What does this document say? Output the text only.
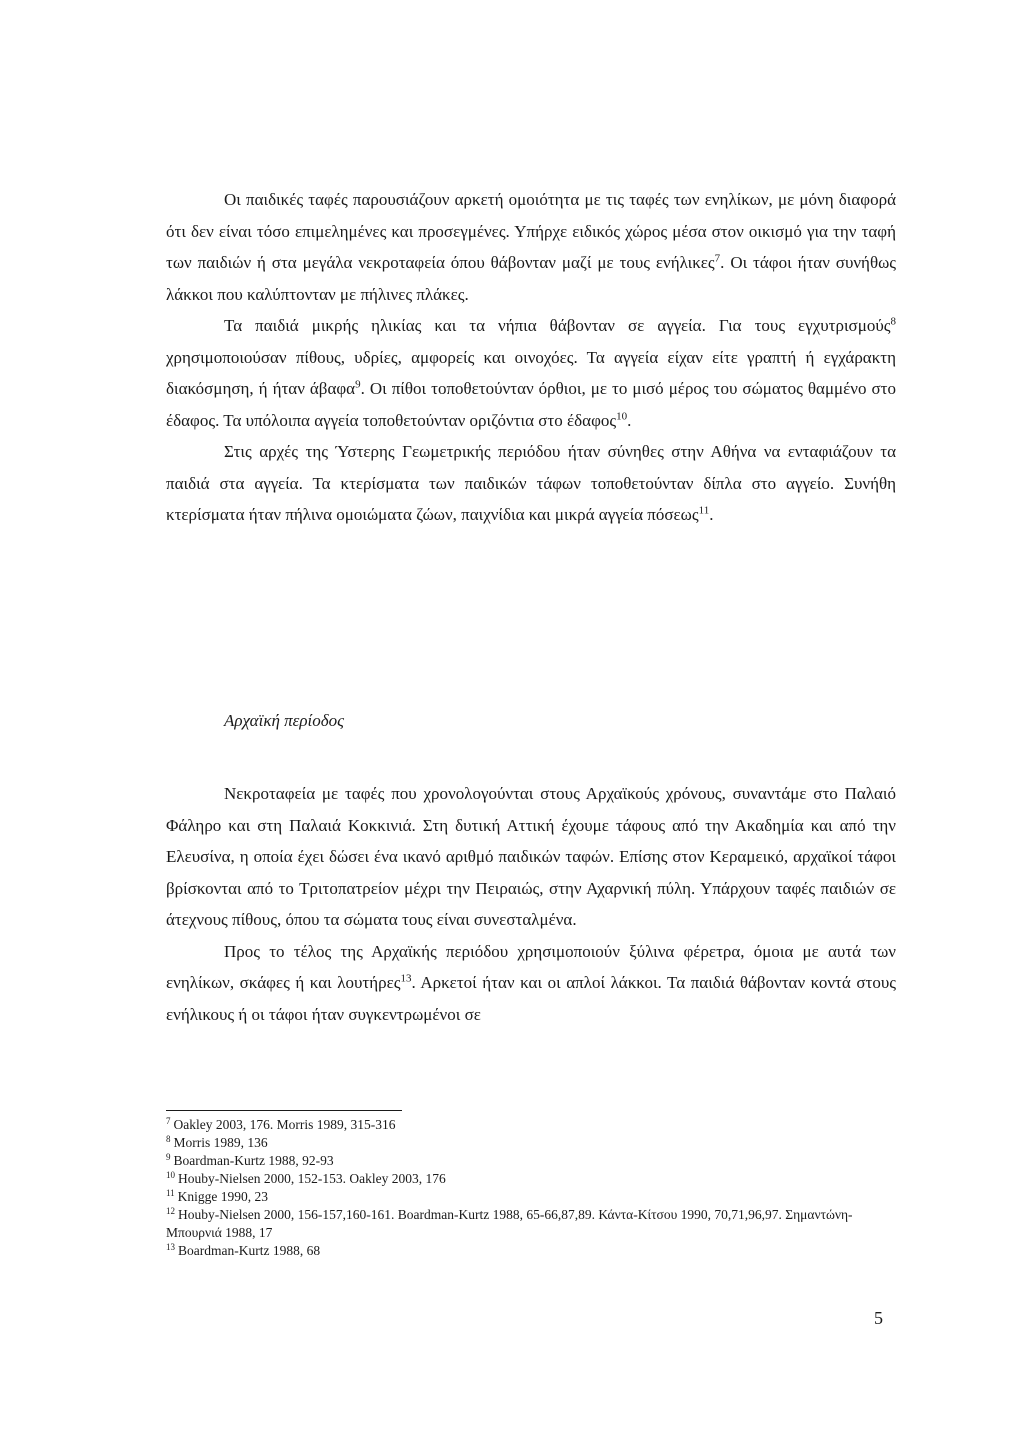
Οι παιδικές ταφές παρουσιάζουν αρκετή ομοιότητα με τις ταφές των ενηλίκων, με μόνη διαφορά ότι δεν είναι τόσο επιμελημένες και προσεγμένες. Υπήρχε ειδικός χώρος μέσα στον οικισμό για την ταφή των παιδιών ή στα μεγάλα νεκροταφεία όπου θάβονταν μαζί με τους ενήλικες$^7$. Οι τάφοι ήταν συνήθως λάκκοι που καλύπτονταν με πήλινες πλάκες.

Τα παιδιά μικρής ηλικίας και τα νήπια θάβονταν σε αγγεία. Για τους εγχυτρισμούς$^8$ χρησιμοποιούσαν πίθους, υδρίες, αμφορείς και οινοχόες. Τα αγγεία είχαν είτε γραπτή ή εγχάρακτη διακόσμηση, ή ήταν άβαφα$^9$. Οι πίθοι τοποθετούνταν όρθιοι, με το μισό μέρος του σώματος θαμμένο στο έδαφος. Τα υπόλοιπα αγγεία τοποθετούνταν οριζόντια στο έδαφος$^{10}$.

Στις αρχές της Ύστερης Γεωμετρικής περιόδου ήταν σύνηθες στην Αθήνα να ενταφιάζουν τα παιδιά στα αγγεία. Τα κτερίσματα των παιδικών τάφων τοποθετούνταν δίπλα στο αγγείο. Συνήθη κτερίσματα ήταν πήλινα ομοιώματα ζώων, παιχνίδια και μικρά αγγεία πόσεως$^{11}$.

Αρχαϊκή περίοδος

Νεκροταφεία με ταφές που χρονολογούνται στους Αρχαϊκούς χρόνους, συναντάμε στο Παλαιό Φάληρο και στη Παλαιά Κοκκινιά. Στη δυτική Αττική έχουμε τάφους από την Ακαδημία και από την Ελευσίνα, η οποία έχει δώσει ένα ικανό αριθμό παιδικών ταφών. Επίσης στον Κεραμεικό, αρχαϊκοί τάφοι βρίσκονται από το Τριτοπατρείον μέχρι την Πειραιώς, στην Αχαρνική πύλη. Υπάρχουν ταφές παιδιών σε άτεχνους πίθους, όπου τα σώματα τους είναι συνεσταλμένα.

Προς το τέλος της Αρχαϊκής περιόδου χρησιμοποιούν ξύλινα φέρετρα, όμοια με αυτά των ενηλίκων, σκάφες ή και λουτήρες$^{13}$. Αρκετοί ήταν και οι απλοί λάκκοι. Τα παιδιά θάβονταν κοντά στους ενήλικους ή οι τάφοι ήταν συγκεντρωμένοι σε

$^7$ Oakley 2003, 176. Morris 1989, 315-316

$^8$ Morris 1989, 136

$^9$ Boardman-Kurtz 1988, 92-93

$^{10}$ Houby-Nielsen 2000, 152-153. Oakley 2003, 176

$^{11}$ Knigge 1990, 23

$^{12}$ Houby-Nielsen 2000, 156-157,160-161. Boardman-Kurtz 1988, 65-66,87,89. Κάντα-Κίτσου 1990, 70,71,96,97. Σημαντώνη-Μπουρνιά 1988, 17

$^{13}$ Boardman-Kurtz 1988, 68

5
